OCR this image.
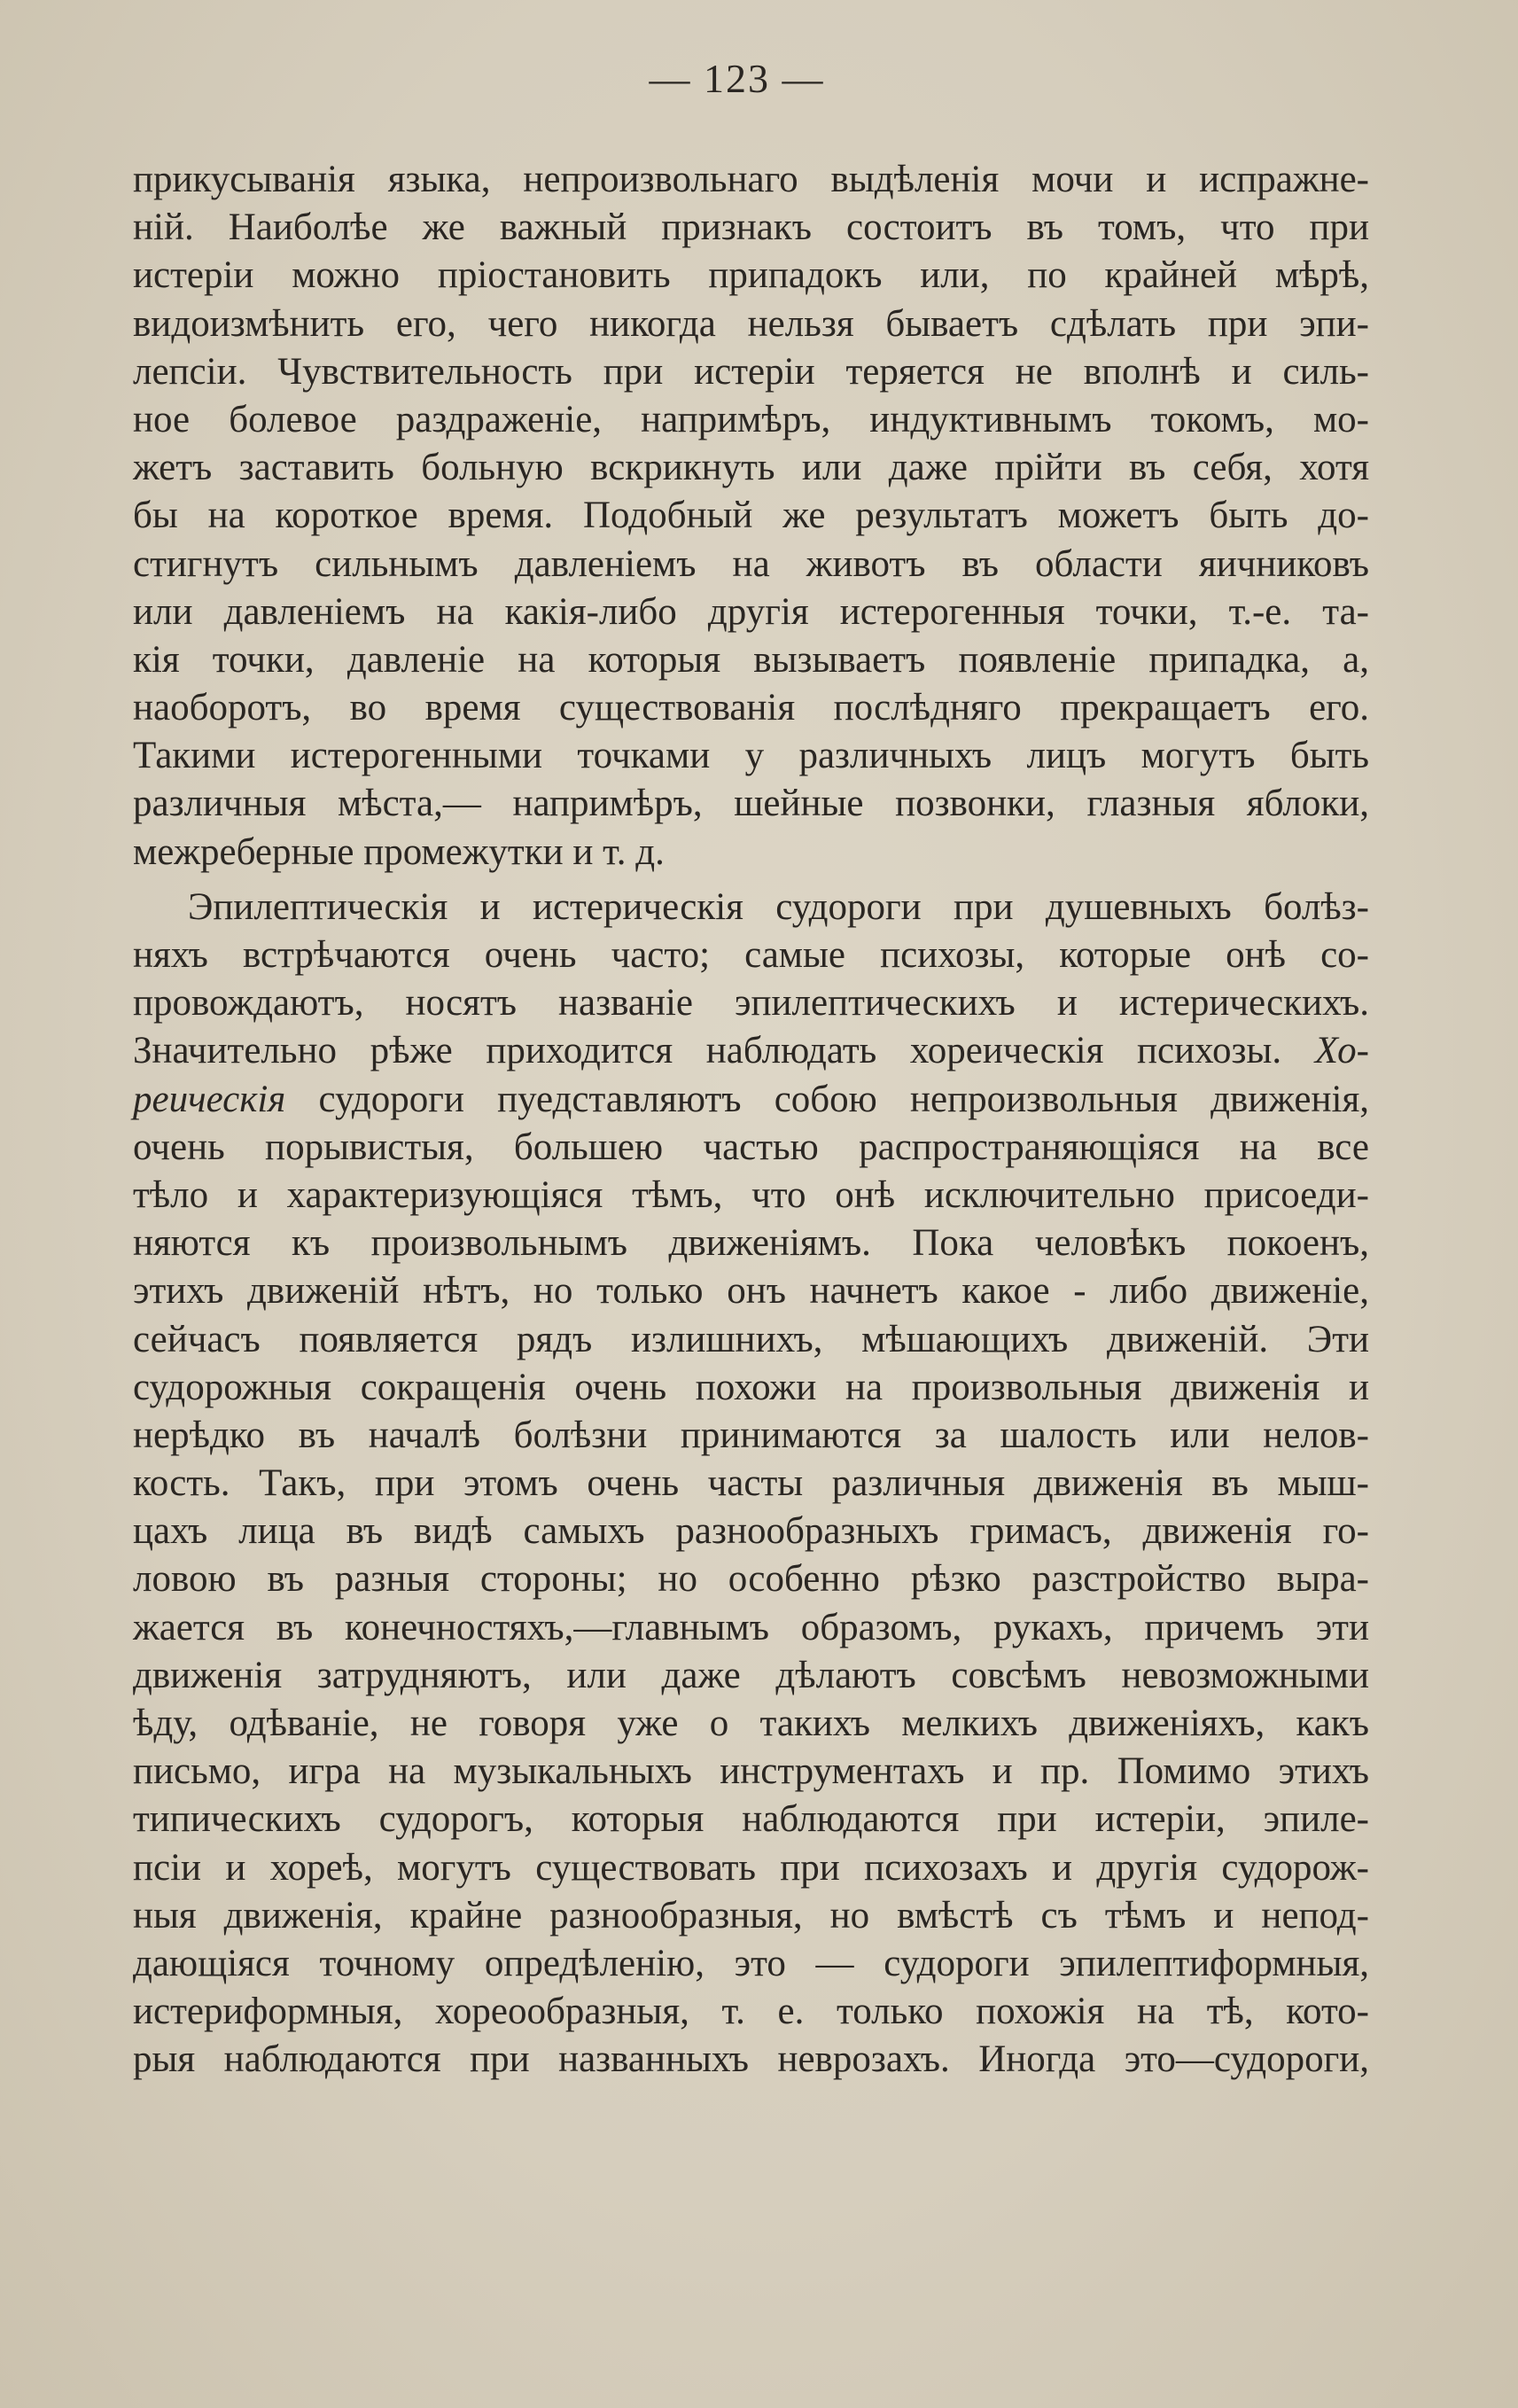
— 123 —
прикусыванія языка, непроизвольнаго выдѣленія мочи и испражне-
ній. Наиболѣе же важный признакъ состоитъ въ томъ, что при
истеріи можно пріостановить припадокъ или, по крайней мѣрѣ,
видоизмѣнить его, чего никогда нельзя бываетъ сдѣлать при эпи-
лепсіи. Чувствительность при истеріи теряется не вполнѣ и силь-
ное болевое раздраженіе, напримѣръ, индуктивнымъ токомъ, мо-
жетъ заставить больную вскрикнуть или даже прійти въ себя, хотя
бы на короткое время. Подобный же результатъ можетъ быть до-
стигнутъ сильнымъ давленіемъ на животъ въ области яичниковъ
или давленіемъ на какія-либо другія истерогенныя точки, т.-е. та-
кія точки, давленіе на которыя вызываетъ появленіе припадка, а,
наоборотъ, во время существованія послѣдняго прекращаетъ его.
Такими истерогенными точками у различныхъ лицъ могутъ быть
различныя мѣста,— напримѣръ, шейные позвонки, глазныя яблоки,
межреберные промежутки и т. д.
Эпилептическія и истерическія судороги при душевныхъ болѣз-
няхъ встрѣчаются очень часто; самые психозы, которые онѣ со-
провождаютъ, носятъ названіе эпилептическихъ и истерическихъ.
Значительно рѣже приходится наблюдать хореическія психозы. Хо-
реическія судороги пуедставляютъ собою непроизвольныя движенія,
очень порывистыя, большею частью распространяющіяся на все
тѣло и характеризующіяся тѣмъ, что онѣ исключительно присоеди-
няются къ произвольнымъ движеніямъ. Пока человѣкъ покоенъ,
этихъ движеній нѣтъ, но только онъ начнетъ какое - либо движеніе,
сейчасъ появляется рядъ излишнихъ, мѣшающихъ движеній. Эти
судорожныя сокращенія очень похожи на произвольныя движенія и
нерѣдко въ началѣ болѣзни принимаются за шалость или нелов-
кость. Такъ, при этомъ очень часты различныя движенія въ мыш-
цахъ лица въ видѣ самыхъ разнообразныхъ гримасъ, движенія го-
ловою въ разныя стороны; но особенно рѣзко разстройство выра-
жается въ конечностяхъ,—главнымъ образомъ, рукахъ, причемъ эти
движенія затрудняютъ, или даже дѣлаютъ совсѣмъ невозможными
ѣду, одѣваніе, не говоря уже о такихъ мелкихъ движеніяхъ, какъ
письмо, игра на музыкальныхъ инструментахъ и пр. Помимо этихъ
типическихъ судорогъ, которыя наблюдаются при истеріи, эпиле-
псіи и хореѣ, могутъ существовать при психозахъ и другія судорож-
ныя движенія, крайне разнообразныя, но вмѣстѣ съ тѣмъ и непод-
дающіяся точному опредѣленію, это — судороги эпилептиформныя,
истериформныя, хореообразныя, т. е. только похожія на тѣ, кото-
рыя наблюдаются при названныхъ неврозахъ. Иногда это—судороги,
